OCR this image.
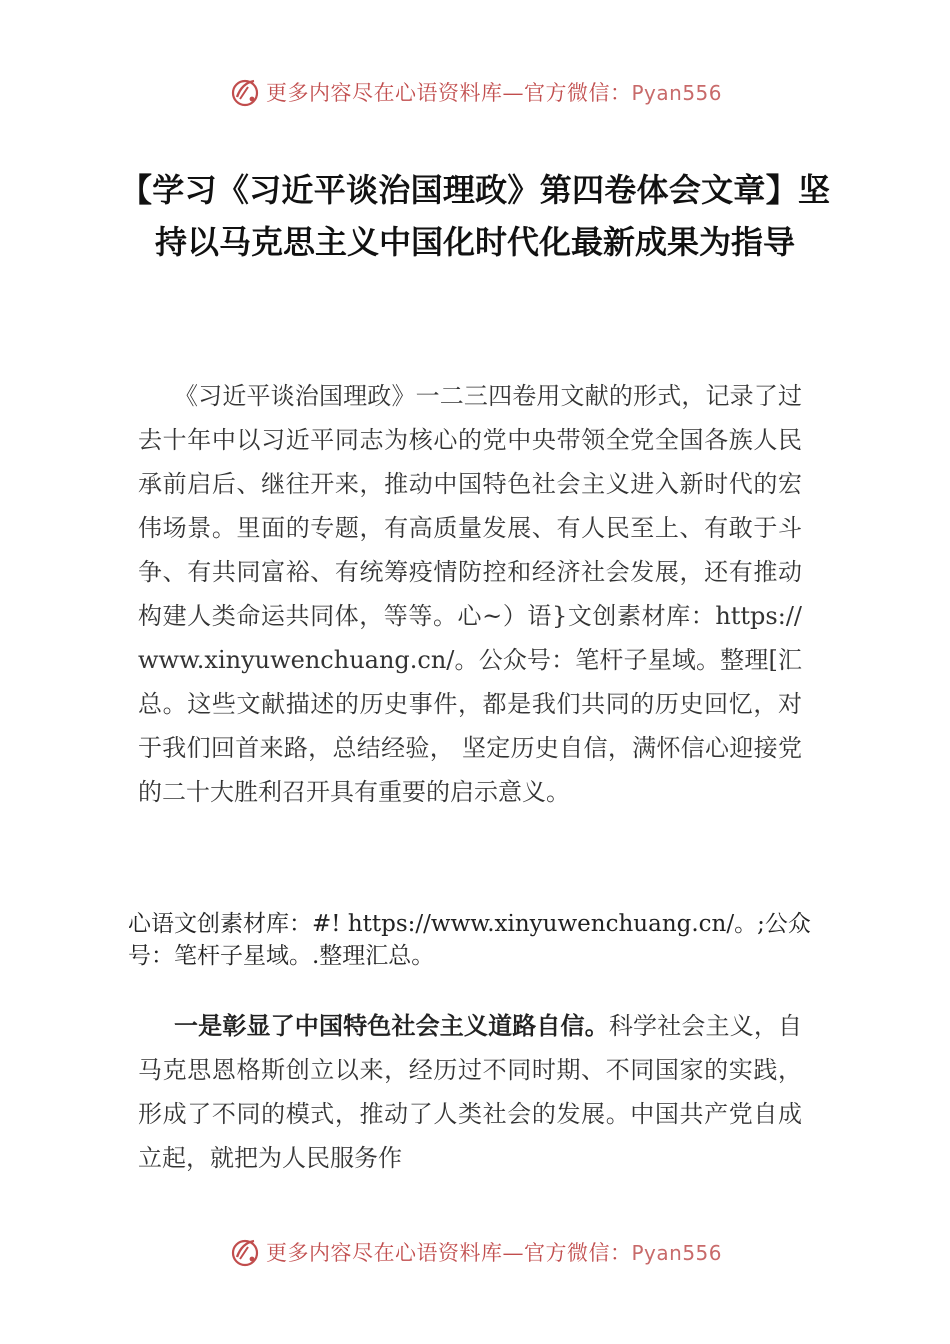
更多内容尽在心语资料库—官方微信：Pyan556
【学习《习近平谈治国理政》第四卷体会文章】坚持以马克思主义中国化时代化最新成果为指导

《习近平谈治国理政》一二三四卷用文献的形式，记录了过去十年中以习近平同志为核心的党中央带领全党全国各族人民承前启后、继往开来，推动中国特色社会主义进入新时代的宏伟场景。里面的专题，有高质量发展、有人民至上、有敢于斗争、有共同富裕、有统筹疫情防控和经济社会发展，还有推动构建人类命运共同体，等等。心~）语}文创素材库：https://www.xinyuwenchuang.cn/。公众号：笔杆子星域。整理[汇总。这些文献描述的历史事件，都是我们共同的历史回忆，对于我们回首来路，总结经验， 坚定历史自信，满怀信心迎接党的二十大胜利召开具有重要的启示意义。

心语文创素材库：#! https://www.xinyuwenchuang.cn/。;公众号：笔杆子星域。.整理汇总。

一是彰显了中国特色社会主义道路自信。科学社会主义，自马克思恩格斯创立以来，经历过不同时期、不同国家的实践，形成了不同的模式，推动了人类社会的发展。中国共产党自成立起，就把为人民服务作

更多内容尽在心语资料库—官方微信：Pyan556
